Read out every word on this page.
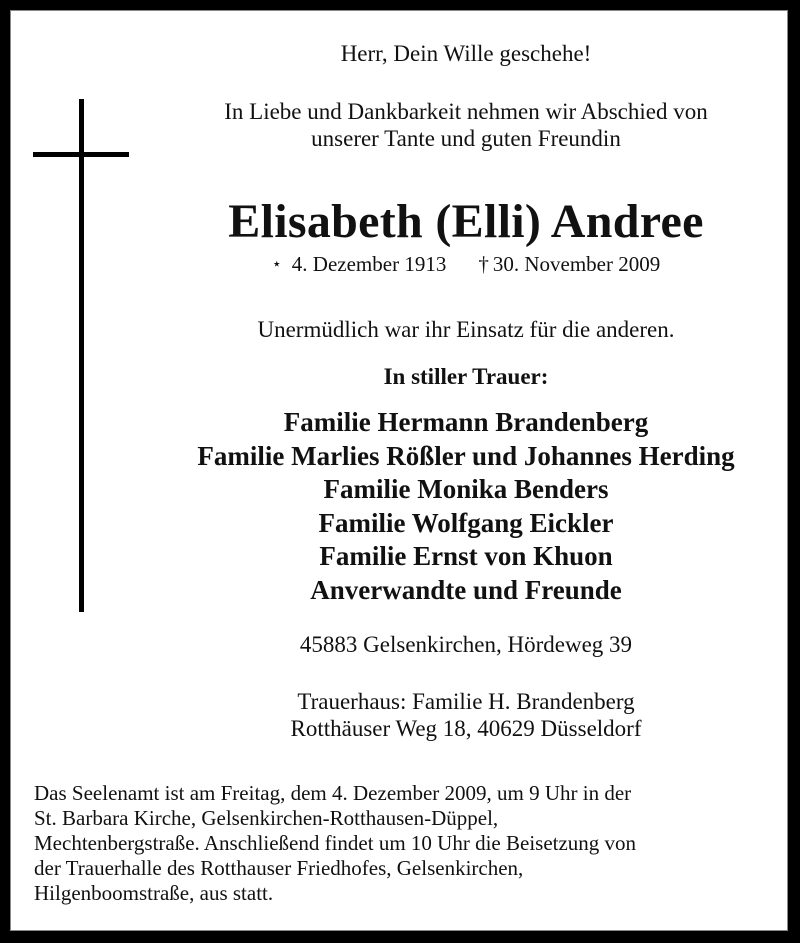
Herr, Dein Wille geschehe!
In Liebe und Dankbarkeit nehmen wir Abschied von
unserer Tante und guten Freundin
Elisabeth (Elli) Andree
⋆ 4. Dezember 1913 † 30. November 2009
Unermüdlich war ihr Einsatz für die anderen.
In stiller Trauer:
Familie Hermann Brandenberg
Familie Marlies Rößler und Johannes Herding
Familie Monika Benders
Familie Wolfgang Eickler
Familie Ernst von Khuon
Anverwandte und Freunde
45883 Gelsenkirchen, Hördeweg 39
Trauerhaus: Familie H. Brandenberg
Rotthäuser Weg 18, 40629 Düsseldorf
Das Seelenamt ist am Freitag, dem 4. Dezember 2009, um 9 Uhr in der
St. Barbara Kirche, Gelsenkirchen-Rotthausen-Düppel,
Mechtenbergstraße. Anschließend findet um 10 Uhr die Beisetzung von
der Trauerhalle des Rotthauser Friedhofes, Gelsenkirchen,
Hilgenboomstraße, aus statt.
